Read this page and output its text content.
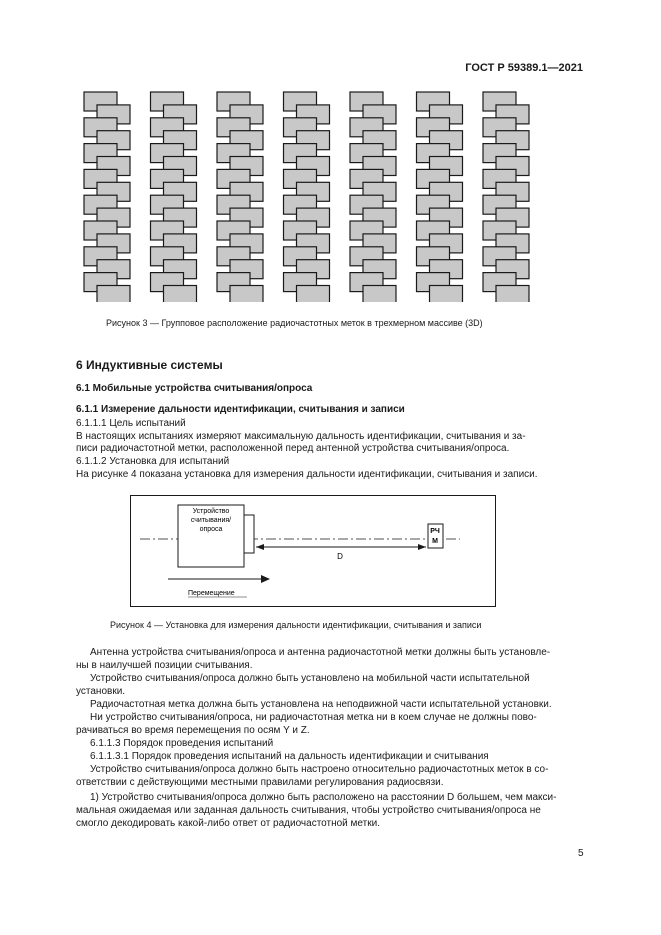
ГОСТ Р 59389.1—2021
Рисунок 3 — Групповое расположение радиочастотных меток в трехмерном массиве (3D)
6 Индуктивные системы
6.1 Мобильные устройства считывания/опроса
6.1.1 Измерение дальности идентификации, считывания и записи
6.1.1.1 Цель испытаний
В настоящих испытаниях измеряют максимальную дальность идентификации, считывания и за-
писи радиочастотной метки, расположенной перед антенной устройства считывания/опроса.
6.1.1.2 Установка для испытаний
На рисунке 4 показана установка для измерения дальности идентификации, считывания и записи.
Устройство
считывания/
опроса	РЧ
М
D
Перемещение
Рисунок 4 — Установка для измерения дальности идентификации, считывания и записи
Антенна устройства считывания/опроса и антенна радиочастотной метки должны быть установле-
ны в наилучшей позиции считывания.
Устройство считывания/опроса должно быть установлено на мобильной части испытательной
установки.
Радиочастотная метка должна быть установлена на неподвижной части испытательной установки.
Ни устройство считывания/опроса, ни радиочастотная метка ни в коем случае не должны пово-
рачиваться во время перемещения по осям Y и Z.
6.1.1.3 Порядок проведения испытаний
6.1.1.3.1 Порядок проведения испытаний на дальность идентификации и считывания
Устройство считывания/опроса должно быть настроено относительно радиочастотных меток в со-
ответствии с действующими местными правилами регулирования радиосвязи.
1) Устройство считывания/опроса должно быть расположено на расстоянии D большем, чем макси-
мальная ожидаемая или заданная дальность считывания, чтобы устройство считывания/опроса не
смогло декодировать какой-либо ответ от радиочастотной метки.
5
